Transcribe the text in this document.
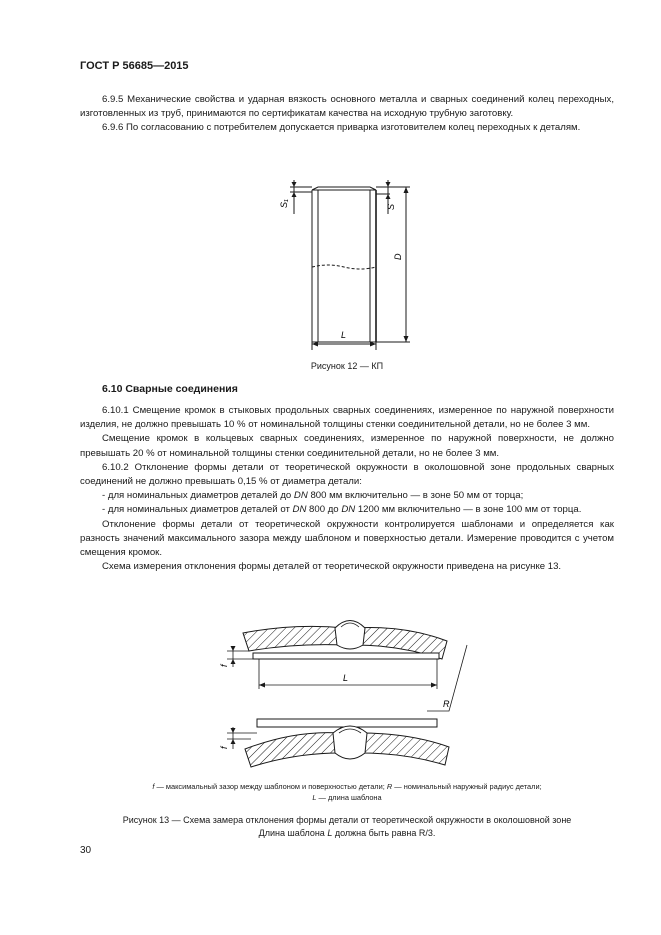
ГОСТ Р 56685—2015

6.9.5 Механические свойства и ударная вязкость основного металла и сварных соединений колец переходных, изготовленных из труб, принимаются по сертификатам качества на исходную трубную заготовку.

6.9.6 По согласованию с потребителем допускается приварка изготовителем колец переходных к деталям.

S₁	S
D
L
Рисунок 12 — КП
6.10 Сварные соединения

6.10.1 Смещение кромок в стыковых продольных сварных соединениях, измеренное по наружной поверхности изделия, не должно превышать 10 % от номинальной толщины стенки соединительной детали, но не более 3 мм.

Смещение кромок в кольцевых сварных соединениях, измеренное по наружной поверхности, не должно превышать 20 % от номинальной толщины стенки соединительной детали, но не более 3 мм.

6.10.2 Отклонение формы детали от теоретической окружности в околошовной зоне продольных сварных соединений не должно превышать 0,15 % от диаметра детали:

- для номинальных диаметров деталей до DN 800 мм включительно — в зоне 50 мм от торца;
- для номинальных диаметров деталей от DN 800 до DN 1200 мм включительно — в зоне 100 мм от торца.

Отклонение формы детали от теоретической окружности контролируется шаблонами и определяется как разность значений максимального зазора между шаблоном и поверхностью детали. Измерение проводится с учетом смещения кромок.

Схема измерения отклонения формы деталей от теоретической окружности приведена на рисунке 13.

f
L
R
f
f — максимальный зазор между шаблоном и поверхностью детали; R — номинальный наружный радиус детали;
L — длина шаблона
Рисунок 13 — Схема замера отклонения формы детали от теоретической окружности в околошовной зоне
Длина шаблона L должна быть равна R/3.
30
